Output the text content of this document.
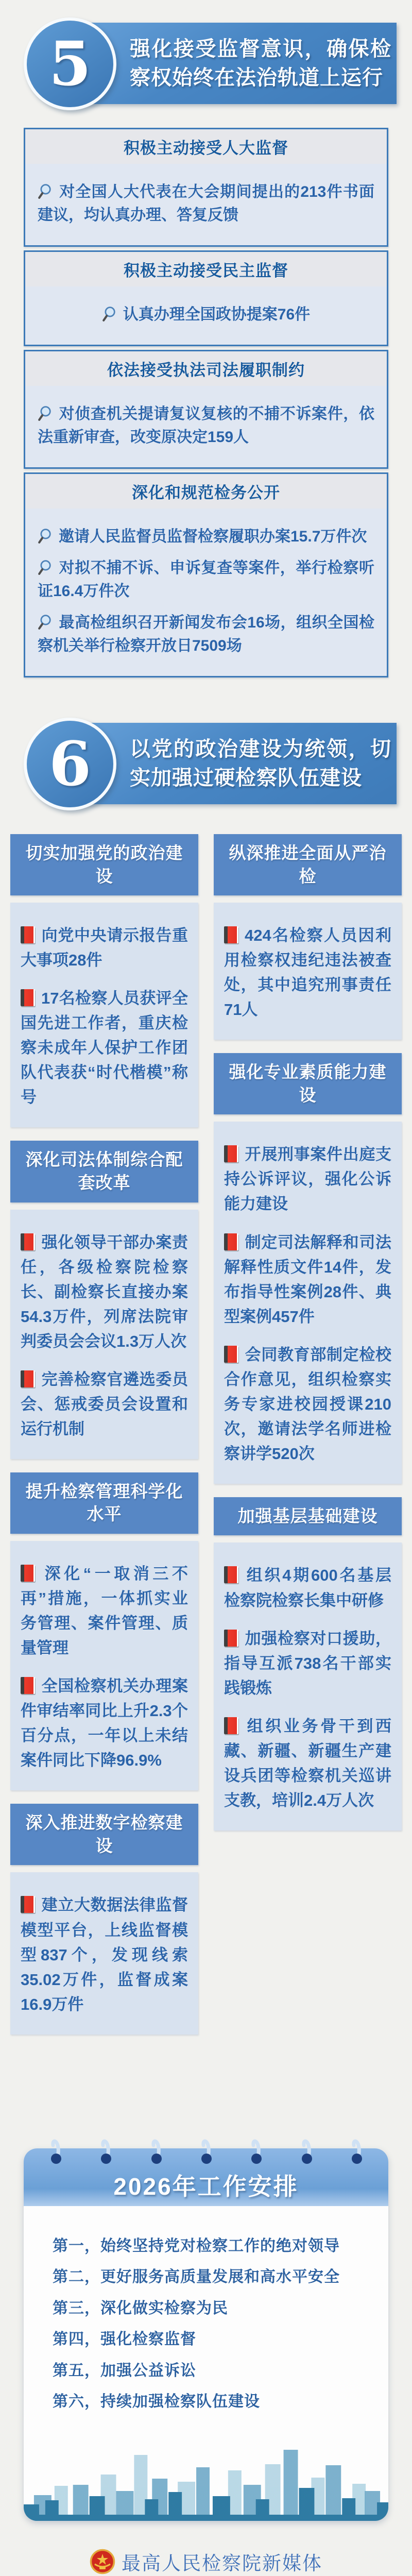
5 强化接受监督意识，确保检察权始终在法治轨道上运行
积极主动接受人大监督
对全国人大代表在大会期间提出的213件书面建议，均认真办理、答复反馈
积极主动接受民主监督
认真办理全国政协提案76件
依法接受执法司法履职制约
对侦查机关提请复议复核的不捕不诉案件，依法重新审查，改变原决定159人
深化和规范检务公开
邀请人民监督员监督检察履职办案15.7万件次
对拟不捕不诉、申诉复查等案件，举行检察听证16.4万件次
最高检组织召开新闻发布会16场，组织全国检察机关举行检察开放日7509场
6 以党的政治建设为统领，切实加强过硬检察队伍建设
切实加强党的政治建设
向党中央请示报告重大事项28件
17名检察人员获评全国先进工作者，重庆检察未成年人保护工作团队代表获“时代楷模”称号
深化司法体制综合配套改革
强化领导干部办案责任，各级检察院检察长、副检察长直接办案54.3万件，列席法院审判委员会会议1.3万人次
完善检察官遴选委员会、惩戒委员会设置和运行机制
提升检察管理科学化水平
深化“一取消三不再”措施，一体抓实业务管理、案件管理、质量管理
全国检察机关办理案件审结率同比上升2.3个百分点，一年以上未结案件同比下降96.9%
深入推进数字检察建设
建立大数据法律监督模型平台，上线监督模型837个，发现线索35.02万件，监督成案16.9万件
纵深推进全面从严治检
424名检察人员因利用检察权违纪违法被查处，其中追究刑事责任71人
强化专业素质能力建设
开展刑事案件出庭支持公诉评议，强化公诉能力建设
制定司法解释和司法解释性质文件14件，发布指导性案例28件、典型案例457件
会同教育部制定检校合作意见，组织检察实务专家进校园授课210次，邀请法学名师进检察讲学520次
加强基层基础建设
组织4期600名基层检察院检察长集中研修
加强检察对口援助，指导互派738名干部实践锻炼
组织业务骨干到西藏、新疆、新疆生产建设兵团等检察机关巡讲支教，培训2.4万人次
2026年工作安排
第一，始终坚持党对检察工作的绝对领导
第二，更好服务高质量发展和高水平安全
第三，深化做实检察为民
第四，强化检察监督
第五，加强公益诉讼
第六，持续加强检察队伍建设
最高人民检察院新媒体
